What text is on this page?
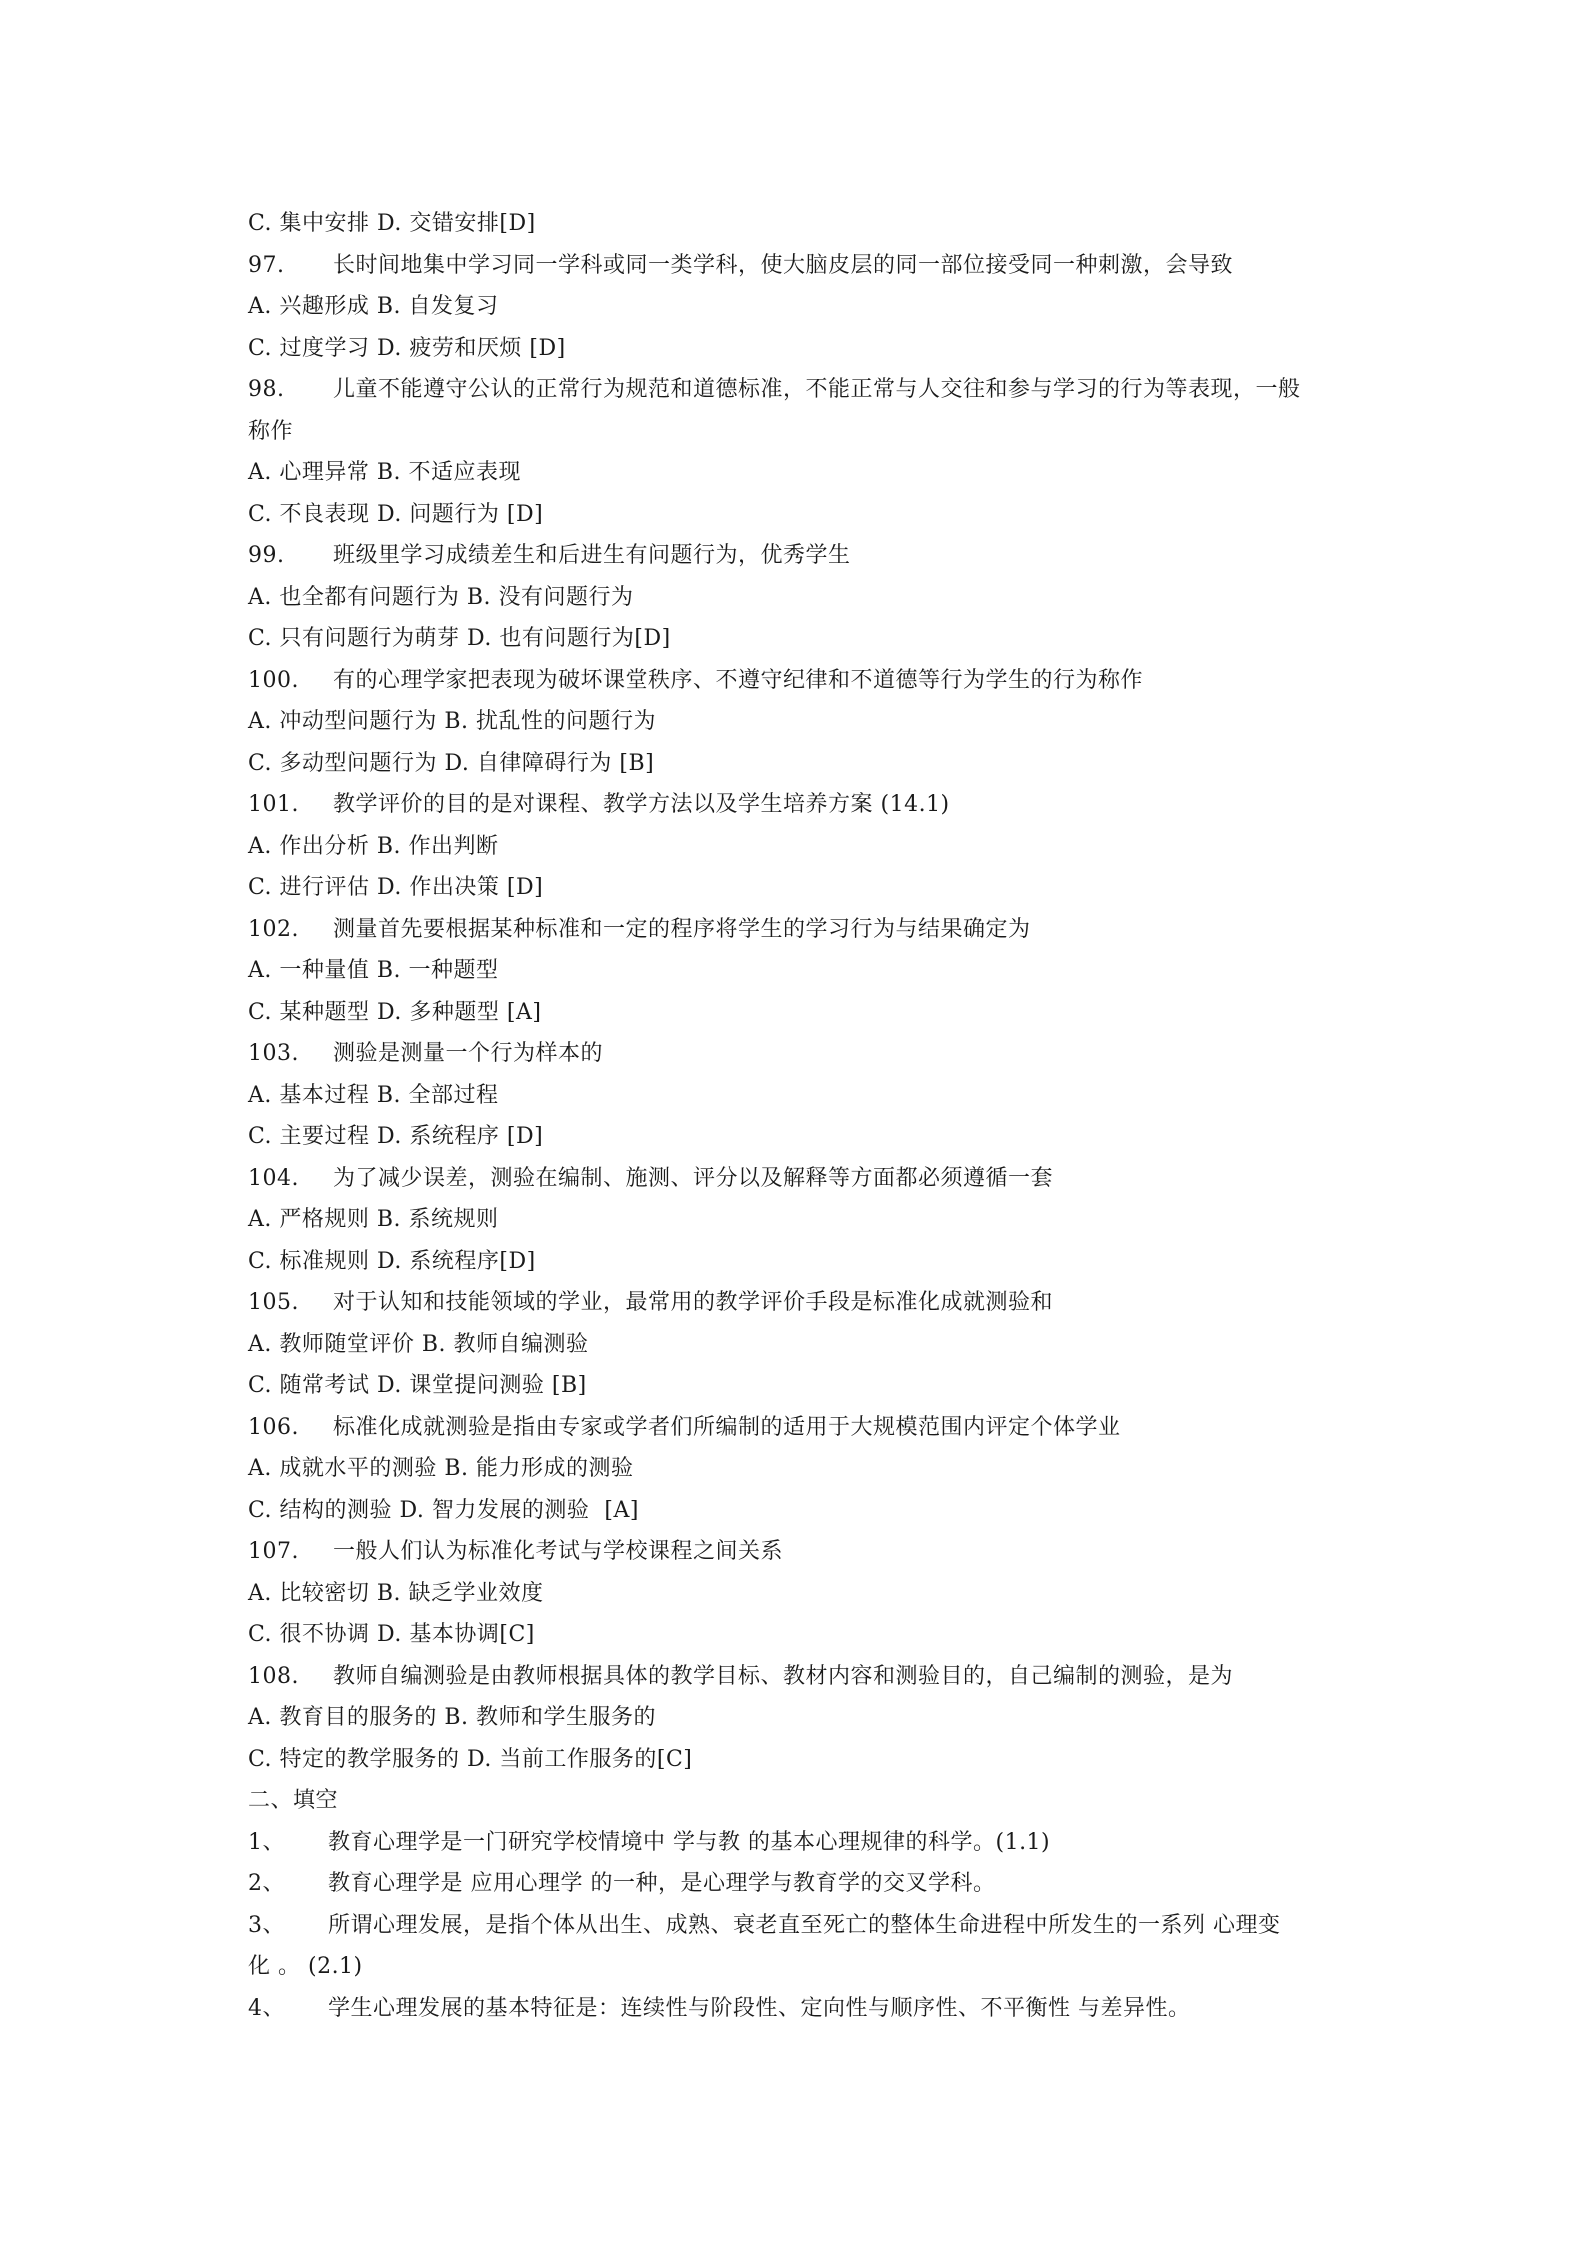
C. 集中安排 D. 交错安排[D]
97. 长时间地集中学习同一学科或同一类学科，使大脑皮层的同一部位接受同一种刺激，会导致
A. 兴趣形成 B. 自发复习
C. 过度学习 D. 疲劳和厌烦 [D]
98. 儿童不能遵守公认的正常行为规范和道德标准，不能正常与人交往和参与学习的行为等表现，一般
称作
A. 心理异常 B. 不适应表现
C. 不良表现 D. 问题行为 [D]
99. 班级里学习成绩差生和后进生有问题行为，优秀学生
A. 也全都有问题行为 B. 没有问题行为
C. 只有问题行为萌芽 D. 也有问题行为[D]
100. 有的心理学家把表现为破坏课堂秩序、不遵守纪律和不道德等行为学生的行为称作
A. 冲动型问题行为 B. 扰乱性的问题行为
C. 多动型问题行为 D. 自律障碍行为 [B]
101. 教学评价的目的是对课程、教学方法以及学生培养方案 (14.1)
A. 作出分析 B. 作出判断
C. 进行评估 D. 作出决策 [D]
102. 测量首先要根据某种标准和一定的程序将学生的学习行为与结果确定为
A. 一种量值 B. 一种题型
C. 某种题型 D. 多种题型 [A]
103. 测验是测量一个行为样本的
A. 基本过程 B. 全部过程
C. 主要过程 D. 系统程序 [D]
104. 为了减少误差，测验在编制、施测、评分以及解释等方面都必须遵循一套
A. 严格规则 B. 系统规则
C. 标准规则 D. 系统程序[D]
105. 对于认知和技能领域的学业，最常用的教学评价手段是标准化成就测验和
A. 教师随堂评价 B. 教师自编测验
C. 随常考试 D. 课堂提问测验 [B]
106. 标准化成就测验是指由专家或学者们所编制的适用于大规模范围内评定个体学业
A. 成就水平的测验 B. 能力形成的测验
C. 结构的测验 D. 智力发展的测验  [A]
107. 一般人们认为标准化考试与学校课程之间关系
A. 比较密切 B. 缺乏学业效度
C. 很不协调 D. 基本协调[C]
108. 教师自编测验是由教师根据具体的教学目标、教材内容和测验目的，自己编制的测验，是为
A. 教育目的服务的 B. 教师和学生服务的
C. 特定的教学服务的 D. 当前工作服务的[C]
二、填空
1、 教育心理学是一门研究学校情境中 学与教 的基本心理规律的科学。(1.1)
2、 教育心理学是 应用心理学 的一种，是心理学与教育学的交叉学科。
3、 所谓心理发展，是指个体从出生、成熟、衰老直至死亡的整体生命进程中所发生的一系列 心理变
化 。 (2.1)
4、 学生心理发展的基本特征是：连续性与阶段性、定向性与顺序性、不平衡性 与差异性。
